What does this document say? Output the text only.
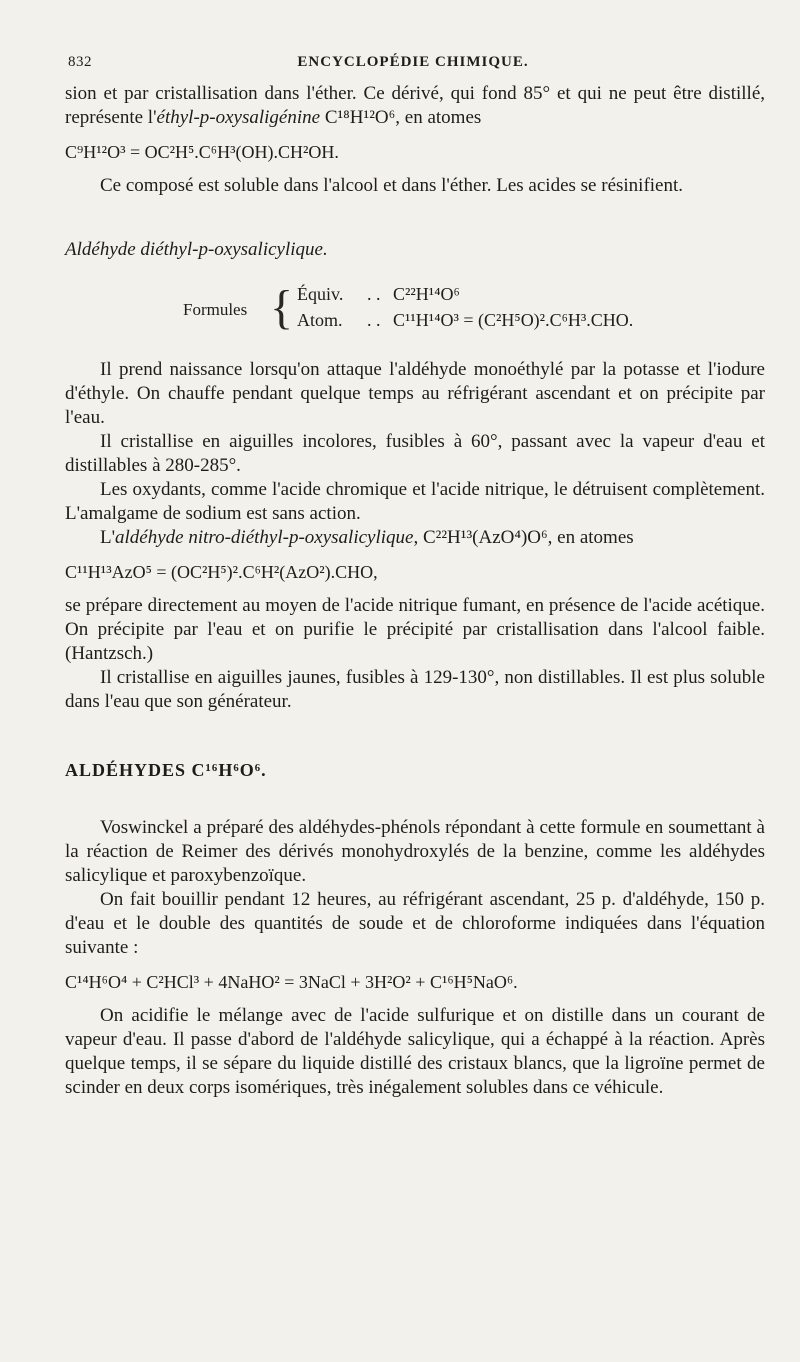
832	ENCYCLOPÉDIE CHIMIQUE.

sion et par cristallisation dans l'éther. Ce dérivé, qui fond 85° et qui ne peut être distillé, représente l'éthyl-p-oxysaligénine C¹⁸H¹²O⁶, en atomes

C⁹H¹²O³ = OC²H⁵.C⁶H³(OH).CH²OH.

Ce composé est soluble dans l'alcool et dans l'éther. Les acides se résinifient.

Aldéhyde diéthyl-p-oxysalicylique.

Formules { Équiv. . . C²²H¹⁴O⁶
Atom. . . C¹¹H¹⁴O³ = (C²H⁵O)².C⁶H³.CHO.

Il prend naissance lorsqu'on attaque l'aldéhyde monoéthylé par la potasse et l'iodure d'éthyle. On chauffe pendant quelque temps au réfrigérant ascendant et on précipite par l'eau.

Il cristallise en aiguilles incolores, fusibles à 60°, passant avec la vapeur d'eau et distillables à 280-285°.

Les oxydants, comme l'acide chromique et l'acide nitrique, le détruisent complètement. L'amalgame de sodium est sans action.

L'aldéhyde nitro-diéthyl-p-oxysalicylique, C²²H¹³(AzO⁴)O⁶, en atomes

C¹¹H¹³AzO⁵ = (OC²H⁵)².C⁶H²(AzO²).CHO,

se prépare directement au moyen de l'acide nitrique fumant, en présence de l'acide acétique. On précipite par l'eau et on purifie le précipité par cristallisation dans l'alcool faible. (Hantzsch.)

Il cristallise en aiguilles jaunes, fusibles à 129-130°, non distillables. Il est plus soluble dans l'eau que son générateur.

ALDÉHYDES C¹⁶H⁶O⁶.

Voswinckel a préparé des aldéhydes-phénols répondant à cette formule en soumettant à la réaction de Reimer des dérivés monohydroxylés de la benzine, comme les aldéhydes salicylique et paroxybenzoïque.

On fait bouillir pendant 12 heures, au réfrigérant ascendant, 25 p. d'aldéhyde, 150 p. d'eau et le double des quantités de soude et de chloroforme indiquées dans l'équation suivante :

C¹⁴H⁶O⁴ + C²HCl³ + 4NaHO² = 3NaCl + 3H²O² + C¹⁶H⁵NaO⁶.

On acidifie le mélange avec de l'acide sulfurique et on distille dans un courant de vapeur d'eau. Il passe d'abord de l'aldéhyde salicylique, qui a échappé à la réaction. Après quelque temps, il se sépare du liquide distillé des cristaux blancs, que la ligroïne permet de scinder en deux corps isomériques, très inégalement solubles dans ce véhicule.
